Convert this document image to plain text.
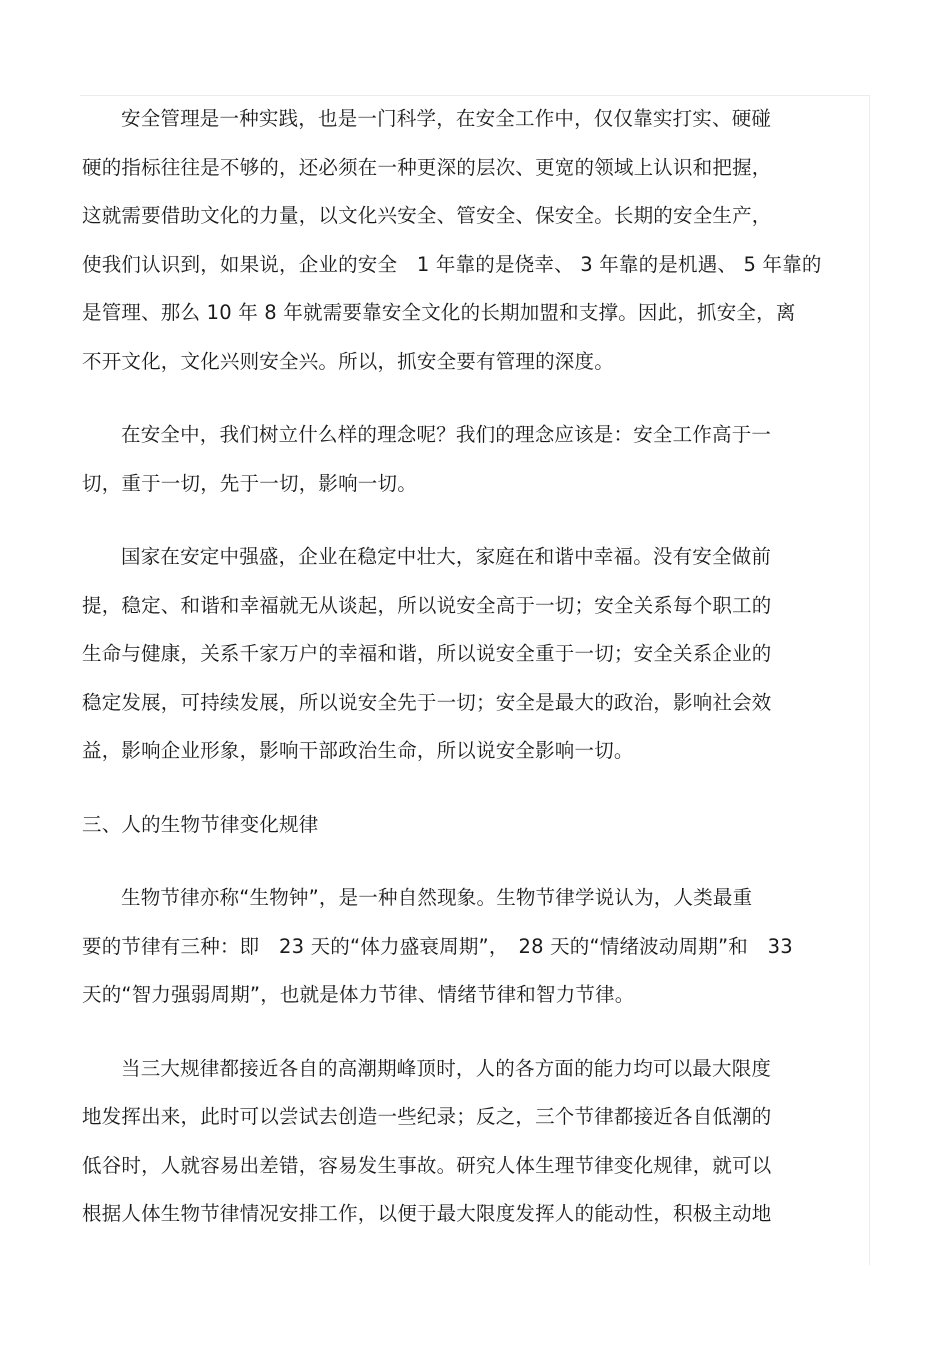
安全管理是一种实践，也是一门科学，在安全工作中，仅仅靠实打实、硬碰
硬的指标往往是不够的，还必须在一种更深的层次、更宽的领域上认识和把握，
这就需要借助文化的力量，以文化兴安全、管安全、保安全。长期的安全生产，
使我们认识到，如果说，企业的安全　1 年靠的是侥幸、 3 年靠的是机遇、 5 年靠的
是管理、那么 10 年 8 年就需要靠安全文化的长期加盟和支撑。因此，抓安全，离
不开文化，文化兴则安全兴。所以，抓安全要有管理的深度。
在安全中，我们树立什么样的理念呢？我们的理念应该是：安全工作高于一
切，重于一切，先于一切，影响一切。
国家在安定中强盛，企业在稳定中壮大，家庭在和谐中幸福。没有安全做前
提，稳定、和谐和幸福就无从谈起，所以说安全高于一切；安全关系每个职工的
生命与健康，关系千家万户的幸福和谐，所以说安全重于一切；安全关系企业的
稳定发展，可持续发展，所以说安全先于一切；安全是最大的政治，影响社会效
益，影响企业形象，影响干部政治生命，所以说安全影响一切。
三、人的生物节律变化规律
生物节律亦称“生物钟”，是一种自然现象。生物节律学说认为，人类最重
要的节律有三种：即　23 天的“体力盛衰周期”，　28 天的“情绪波动周期”和　33
天的“智力强弱周期”，也就是体力节律、情绪节律和智力节律。
当三大规律都接近各自的高潮期峰顶时，人的各方面的能力均可以最大限度
地发挥出来，此时可以尝试去创造一些纪录；反之，三个节律都接近各自低潮的
低谷时，人就容易出差错，容易发生事故。研究人体生理节律变化规律，就可以
根据人体生物节律情况安排工作，以便于最大限度发挥人的能动性，积极主动地
